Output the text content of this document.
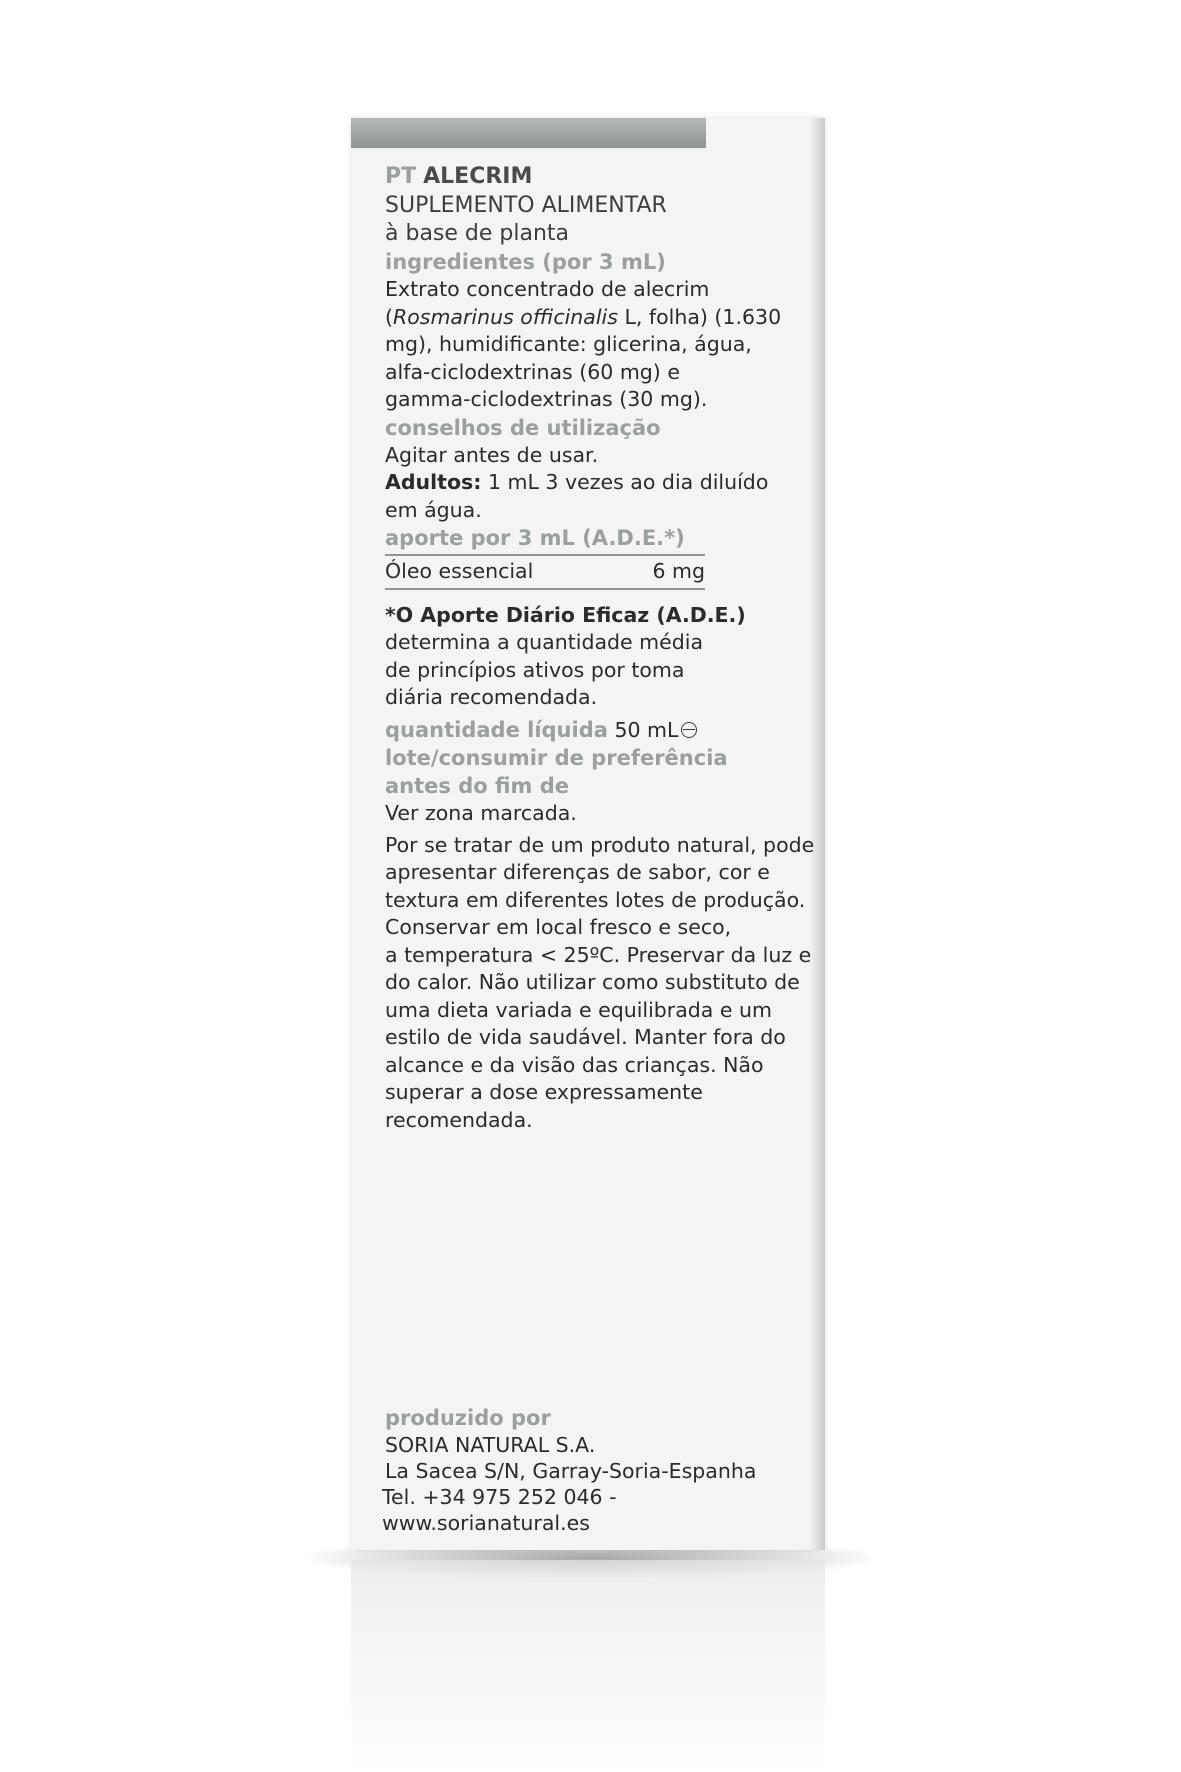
PT ALECRIM
SUPLEMENTO ALIMENTAR
à base de planta
ingredientes (por 3 mL)
Extrato concentrado de alecrim
(Rosmarinus officinalis L, folha) (1.630
mg), humidificante: glicerina, água,
alfa-ciclodextrinas (60 mg) e
gamma-ciclodextrinas (30 mg).
conselhos de utilização
Agitar antes de usar.
Adultos: 1 mL 3 vezes ao dia diluído
em água.
aporte por 3 mL (A.D.E.*)
Óleo essencial	6 mg
*O Aporte Diário Eficaz (A.D.E.)
determina a quantidade média
de princípios ativos por toma
diária recomendada.
quantidade líquida 50 mL
lote/consumir de preferência
antes do fim de
Ver zona marcada.
Por se tratar de um produto natural, pode
apresentar diferenças de sabor, cor e
textura em diferentes lotes de produção.
Conservar em local fresco e seco,
a temperatura < 25ºC. Preservar da luz e
do calor. Não utilizar como substituto de
uma dieta variada e equilibrada e um
estilo de vida saudável. Manter fora do
alcance e da visão das crianças. Não
superar a dose expressamente
recomendada.
produzido por
SORIA NATURAL S.A.
La Sacea S/N, Garray-Soria-Espanha
Tel. +34 975 252 046 - www.sorianatural.es
